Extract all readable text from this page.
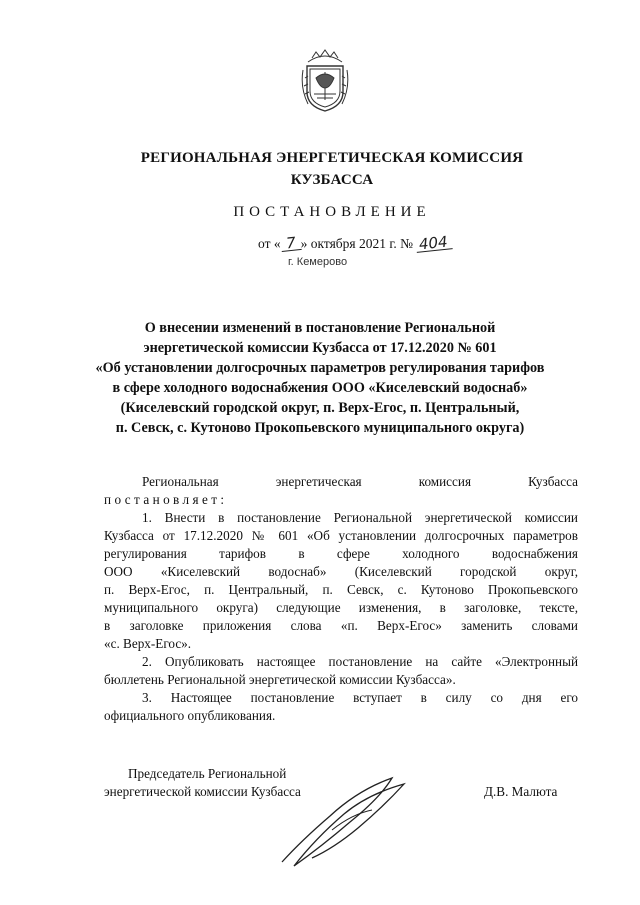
РЕГИОНАЛЬНАЯ ЭНЕРГЕТИЧЕСКАЯ КОМИССИЯ
КУЗБАССА
ПОСТАНОВЛЕНИЕ
от « 7 » октября 2021 г. № 404
г. Кемерово
О внесении изменений в постановление Региональной
энергетической комиссии Кузбасса от 17.12.2020 № 601
«Об установлении долгосрочных параметров регулирования тарифов
в сфере холодного водоснабжения ООО «Киселевский водоснаб»
(Киселевский городской округ, п. Верх-Егос, п. Центральный,
п. Севск, с. Кутоново Прокопьевского муниципального округа)
Региональная энергетическая комиссия Кузбасса
постановляет:
1. Внести в постановление Региональной энергетической комиссии
Кузбасса от 17.12.2020 № 601 «Об установлении долгосрочных параметров
регулирования тарифов в сфере холодного водоснабжения
ООО «Киселевский водоснаб» (Киселевский городской округ,
п. Верх-Егос, п. Центральный, п. Севск, с. Кутоново Прокопьевского
муниципального округа) следующие изменения, в заголовке, тексте,
в заголовке приложения слова «п. Верх-Егос» заменить словами
«с. Верх-Егос».
2. Опубликовать настоящее постановление на сайте «Электронный
бюллетень Региональной энергетической комиссии Кузбасса».
3. Настоящее постановление вступает в силу со дня его
официального опубликования.
Председатель Региональной
энергетической комиссии Кузбасса	Д.В. Малюта
